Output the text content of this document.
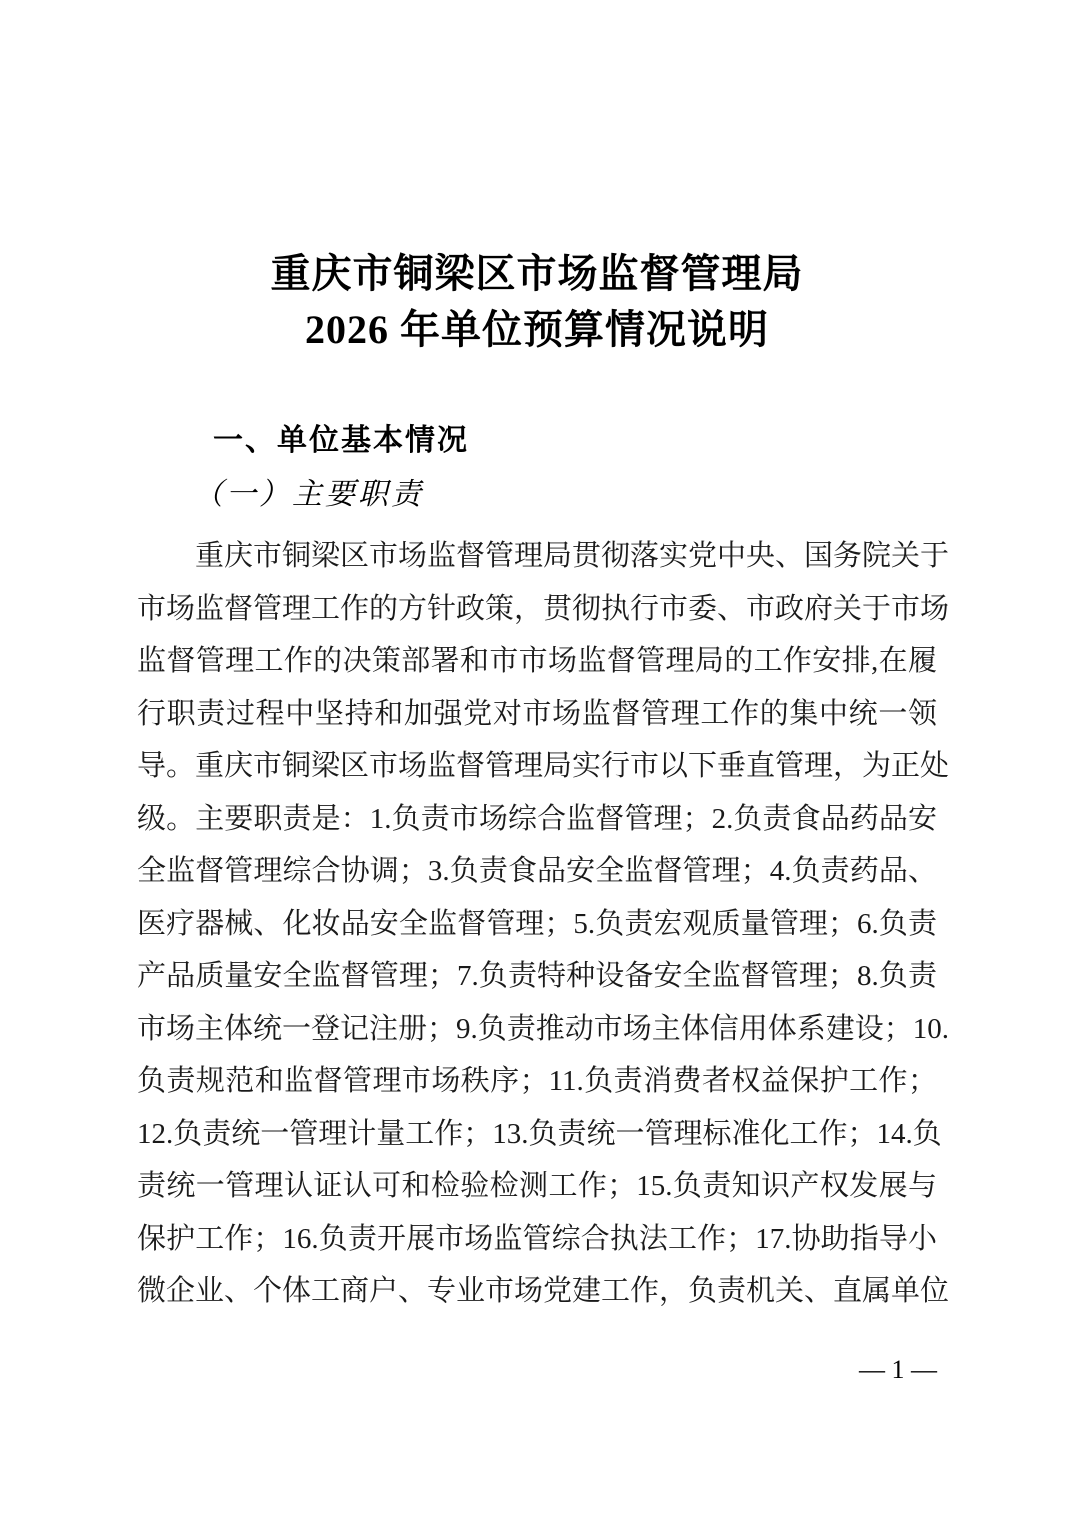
重庆市铜梁区市场监督管理局
2026 年单位预算情况说明
一、单位基本情况
（一）主要职责
重庆市铜梁区市场监督管理局贯彻落实党中央、国务院关于
市场监督管理工作的方针政策，贯彻执行市委、市政府关于市场
监督管理工作的决策部署和市市场监督管理局的工作安排,在履
行职责过程中坚持和加强党对市场监督管理工作的集中统一领
导。重庆市铜梁区市场监督管理局实行市以下垂直管理，为正处
级。主要职责是：1.负责市场综合监督管理；2.负责食品药品安
全监督管理综合协调；3.负责食品安全监督管理；4.负责药品、
医疗器械、化妆品安全监督管理；5.负责宏观质量管理；6.负责
产品质量安全监督管理；7.负责特种设备安全监督管理；8.负责
市场主体统一登记注册；9.负责推动市场主体信用体系建设；10.
负责规范和监督管理市场秩序；11.负责消费者权益保护工作；
12.负责统一管理计量工作；13.负责统一管理标准化工作；14.负
责统一管理认证认可和检验检测工作；15.负责知识产权发展与
保护工作；16.负责开展市场监管综合执法工作；17.协助指导小
微企业、个体工商户、专业市场党建工作，负责机关、直属单位
— 1 —
